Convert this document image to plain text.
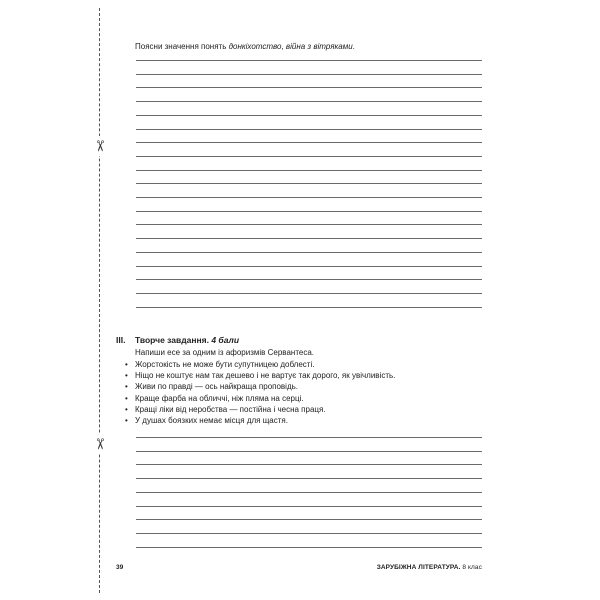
✂
✂
Поясни значення понять донкіхотство, вiйна з вiтряками.
III. Творче завдання. 4 бали
Напиши есе за одним із афоризмів Сервантеса.
• Жорстокість не може бути супутницею доблесті.
• Ніщо не коштує нам так дешево і не вартує так дорого, як увічливість.
• Живи по правді — ось найкраща проповідь.
• Краще фарба на обличчі, ніж пляма на серці.
• Кращі ліки від неробства — постійна і чесна праця.
• У душах боязких немає місця для щастя.
39	ЗАРУБІЖНА ЛІТЕРАТУРА. 8 клас
